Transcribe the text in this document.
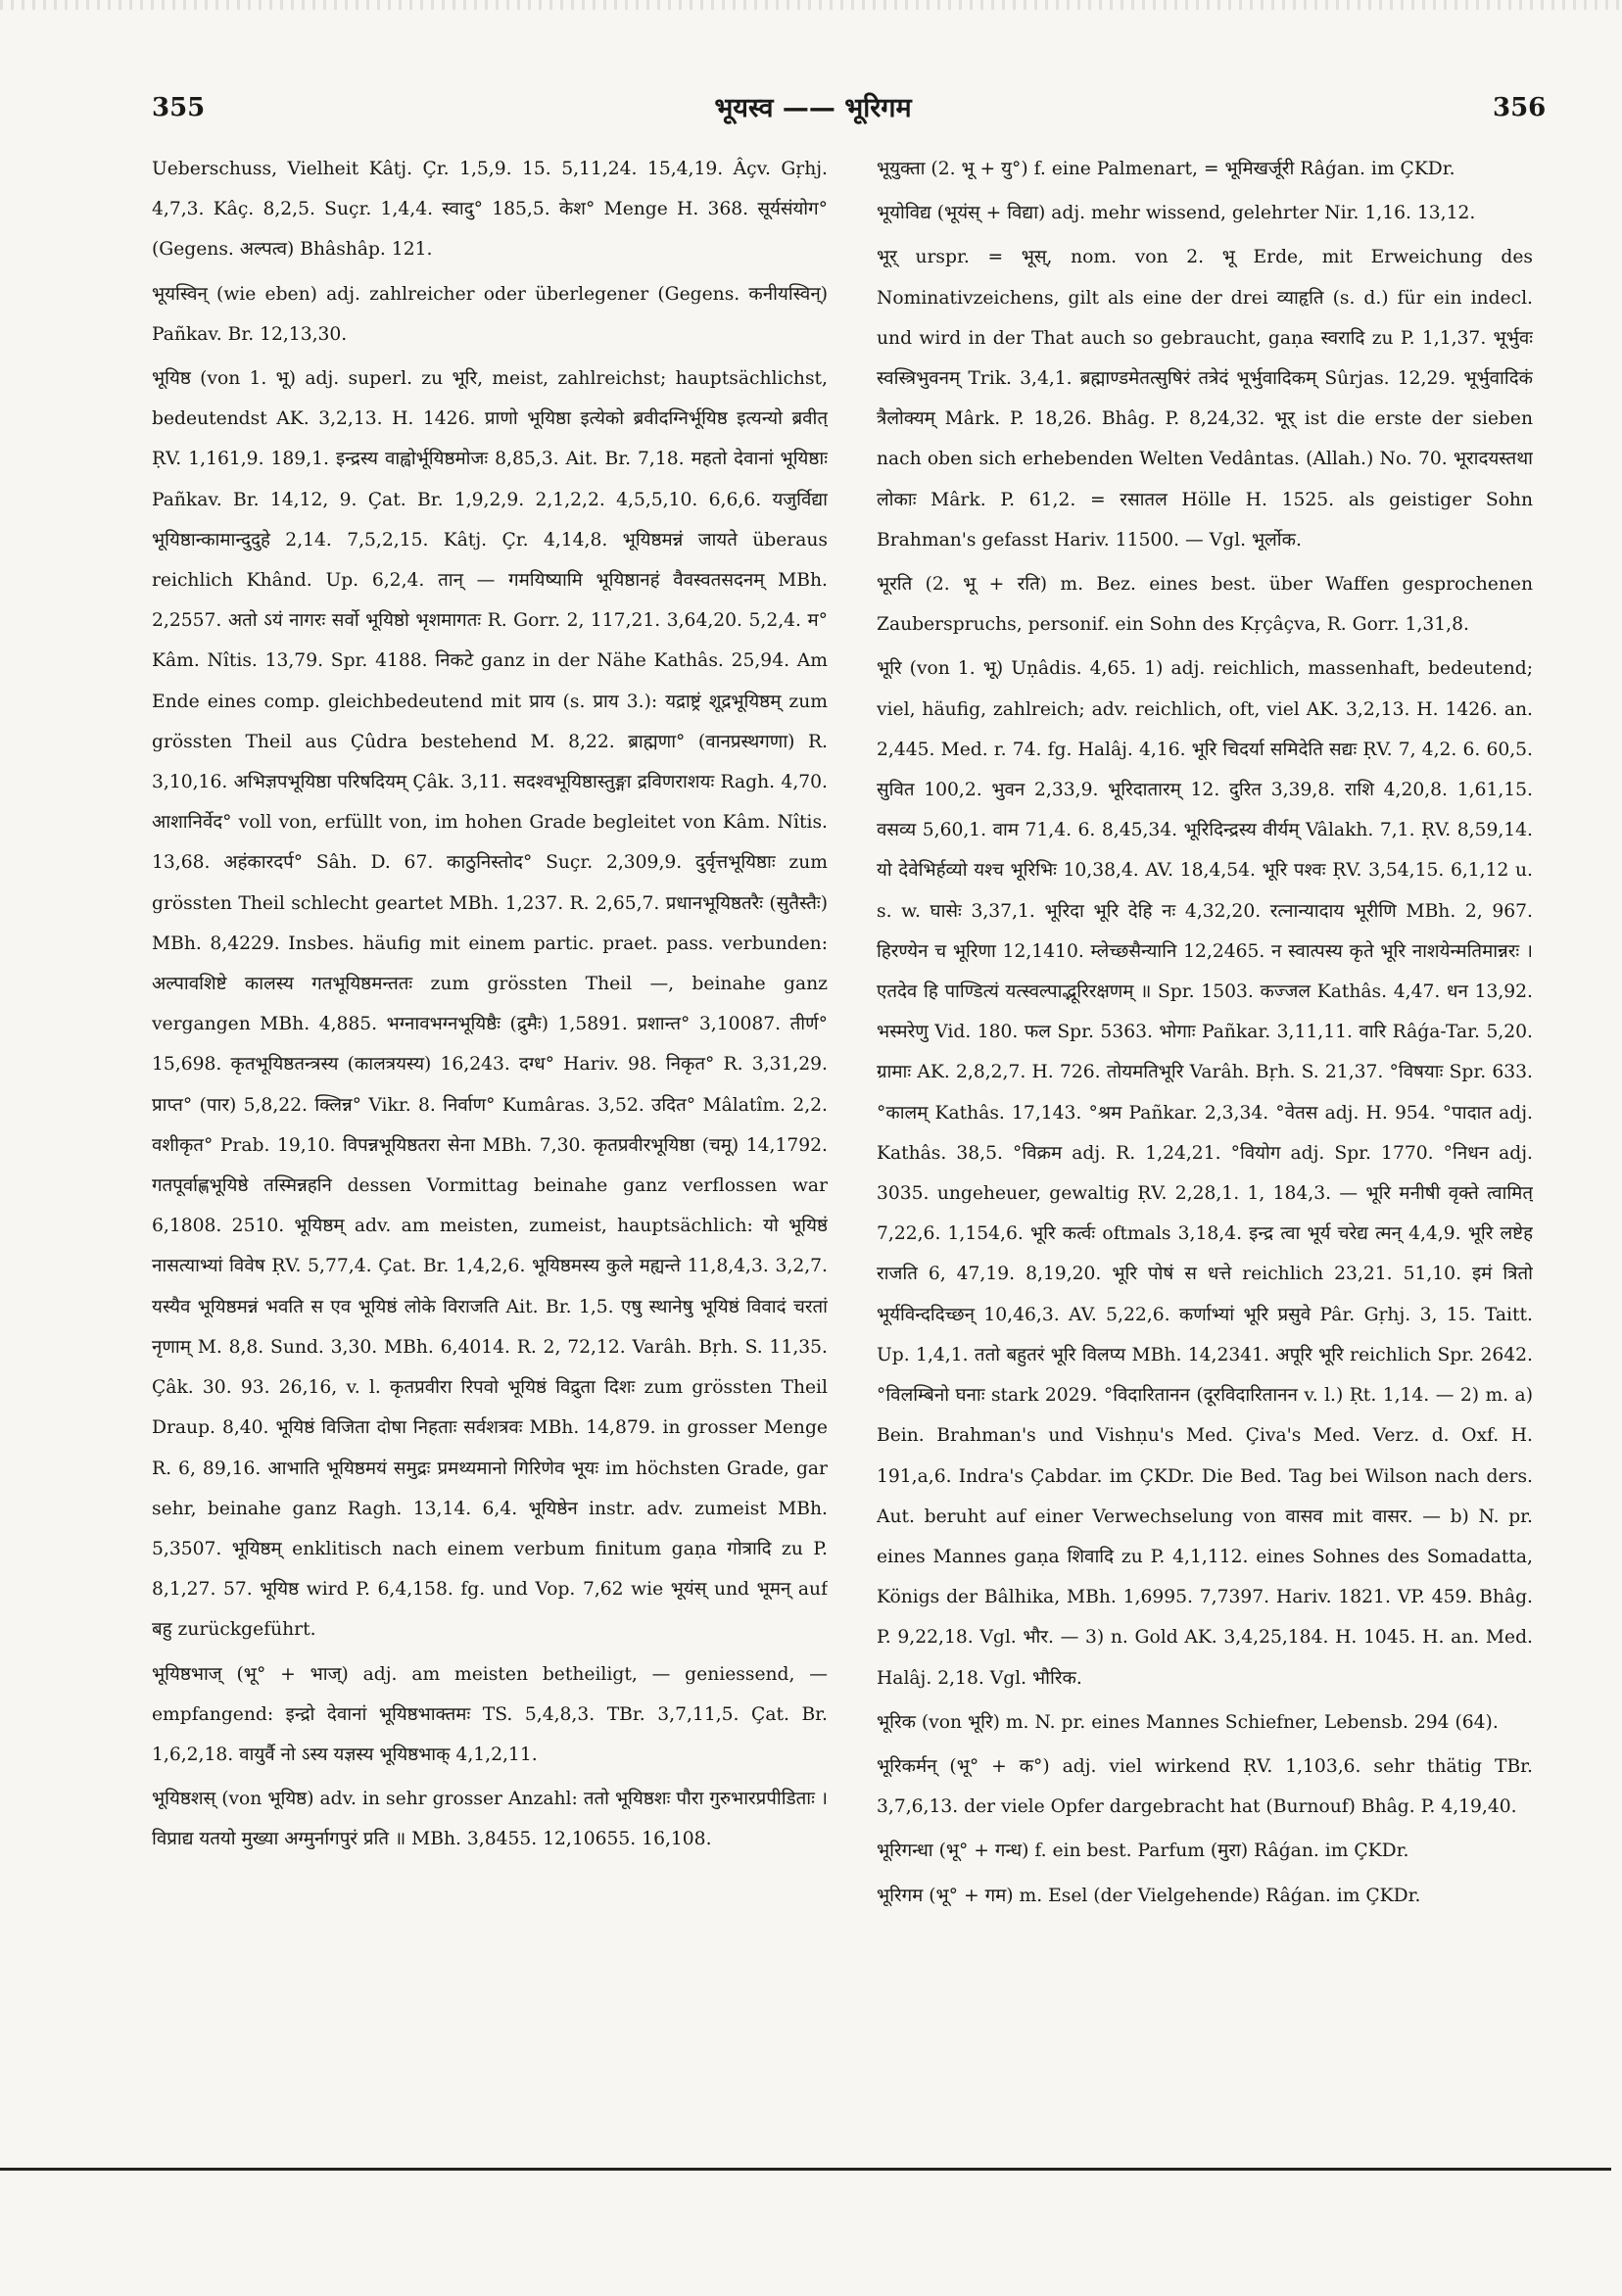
355	भूयस्व —— भूरिगम	356

Ueberschuss, Vielheit Kâtj. Çr. 1,5,9. 15. 5,11,24. 15,4,19. Âçv. Gṛhj. 4,7,3. Kâç. 8,2,5. Suçr. 1,4,4. स्वादु° 185,5. केश° Menge H. 368. सूर्यसंयोग° (Gegens. अल्पत्व) Bhâshâp. 121.

भूयस्विन् (wie eben) adj. zahlreicher oder überlegener (Gegens. कनीयस्विन्) Pañkav. Br. 12,13,30.

भूयिष्ठ (von 1. भू) adj. superl. zu भूरि, meist, zahlreichst; hauptsächlichst, bedeutendst AK. 3,2,13. H. 1426. प्राणो भूयिष्ठा इत्येको ब्रवीदग्निर्भूयिष्ठ इत्यन्यो ब्रवीत् ṚV. 1,161,9. 189,1. इन्द्रस्य वाह्वोर्भूयिष्ठमोजः 8,85,3. Ait. Br. 7,18. महतो देवानां भूयिष्ठाः Pañkav. Br. 14,12, 9. Çat. Br. 1,9,2,9. 2,1,2,2. 4,5,5,10. 6,6,6. यजुर्विद्या भूयिष्ठान्कामान्दुदुहे 2,14. 7,5,2,15. Kâtj. Çr. 4,14,8. भूयिष्ठमन्नं जायते überaus reichlich Khând. Up. 6,2,4. तान् — गमयिष्यामि भूयिष्ठानहं वैवस्वतसदनम् MBh. 2,2557. अतो ऽयं नागरः सर्वो भूयिष्ठो भृशमागतः R. Gorr. 2, 117,21. 3,64,20. 5,2,4. म° Kâm. Nîtis. 13,79. Spr. 4188. निकटे ganz in der Nähe Kathâs. 25,94. Am Ende eines comp. gleichbedeutend mit प्राय (s. प्राय 3.): यद्राष्ट्रं शूद्रभूयिष्ठम् zum grössten Theil aus Çûdra bestehend M. 8,22. ब्राह्मणा° (वानप्रस्थगणा) R. 3,10,16. अभिज्ञपभूयिष्ठा परिषदियम् Çâk. 3,11. सदश्वभूयिष्ठास्तुङ्गा द्रविणराशयः Ragh. 4,70. आशानिर्वेद° voll von, erfüllt von, im hohen Grade begleitet von Kâm. Nîtis. 13,68. अहंकारदर्प° Sâh. D. 67. काठुनिस्तोद° Suçr. 2,309,9. दुर्वृत्तभूयिष्ठाः zum grössten Theil schlecht geartet MBh. 1,237. R. 2,65,7. प्रधानभूयिष्ठतरैः (सुतैस्तैः) MBh. 8,4229. Insbes. häufig mit einem partic. praet. pass. verbunden: अल्पावशिष्टे कालस्य गतभूयिष्ठमन्ततः zum grössten Theil —, beinahe ganz vergangen MBh. 4,885. भग्नावभग्नभूयिष्ठैः (द्रुमैः) 1,5891. प्रशान्त° 3,10087. तीर्ण° 15,698. कृतभूयिष्ठतन्त्रस्य (कालत्रयस्य) 16,243. दग्ध° Hariv. 98. निकृत° R. 3,31,29. प्राप्त° (पार) 5,8,22. क्लिन्न° Vikr. 8. निर्वाण° Kumâras. 3,52. उदित° Mâlatîm. 2,2. वशीकृत° Prab. 19,10. विपन्नभूयिष्ठतरा सेना MBh. 7,30. कृतप्रवीरभूयिष्ठा (चमू) 14,1792. गतपूर्वाह्णभूयिष्ठे तस्मिन्नहनि dessen Vormittag beinahe ganz verflossen war 6,1808. 2510. भूयिष्ठम् adv. am meisten, zumeist, hauptsächlich: यो भूयिष्ठं नासत्याभ्यां विवेष ṚV. 5,77,4. Çat. Br. 1,4,2,6. भूयिष्ठमस्य कुले मह्यन्ते 11,8,4,3. 3,2,7. यस्यैव भूयिष्ठमन्नं भवति स एव भूयिष्ठं लोके विराजति Ait. Br. 1,5. एषु स्थानेषु भूयिष्ठं विवादं चरतां नृणाम् M. 8,8. Sund. 3,30. MBh. 6,4014. R. 2, 72,12. Varâh. Bṛh. S. 11,35. Çâk. 30. 93. 26,16, v. l. कृतप्रवीरा रिपवो भूयिष्ठं विद्रुता दिशः zum grössten Theil Draup. 8,40. भूयिष्ठं विजिता दोषा निहताः सर्वशत्रवः MBh. 14,879. in grosser Menge R. 6, 89,16. आभाति भूयिष्ठमयं समुद्रः प्रमथ्यमानो गिरिणेव भूयः im höchsten Grade, gar sehr, beinahe ganz Ragh. 13,14. 6,4. भूयिष्ठेन instr. adv. zumeist MBh. 5,3507. भूयिष्ठम् enklitisch nach einem verbum finitum gaṇa गोत्रादि zu P. 8,1,27. 57. भूयिष्ठ wird P. 6,4,158. fg. und Vop. 7,62 wie भूयंस् und भूमन् auf बहु zurückgeführt.

भूयिष्ठभाज् (भू° + भाज्) adj. am meisten betheiligt, — geniessend, — empfangend: इन्द्रो देवानां भूयिष्ठभाक्तमः TS. 5,4,8,3. TBr. 3,7,11,5. Çat. Br. 1,6,2,18. वायुर्वै नो ऽस्य यज्ञस्य भूयिष्ठभाक् 4,1,2,11.

भूयिष्ठशस् (von भूयिष्ठ) adv. in sehr grosser Anzahl: ततो भूयिष्ठशः पौरा गुरुभारप्रपीडिताः । विप्राद्य यतयो मुख्या अग्मुर्नागपुरं प्रति ॥ MBh. 3,8455. 12,10655. 16,108.

भूयुक्ता (2. भू + यु°) f. eine Palmenart, = भूमिखर्जूरी Râǵan. im ÇKDr.

भूयोविद्य (भूयंस् + विद्या) adj. mehr wissend, gelehrter Nir. 1,16. 13,12.

भूर् urspr. = भूस्, nom. von 2. भू Erde, mit Erweichung des Nominativzeichens, gilt als eine der drei व्याहृति (s. d.) für ein indecl. und wird in der That auch so gebraucht, gaṇa स्वरादि zu P. 1,1,37. भूर्भुवः स्वस्त्रिभुवनम् Trik. 3,4,1. ब्रह्माण्डमेतत्सुषिरं तत्रेदं भूर्भुवादिकम् Sûrjas. 12,29. भूर्भुवादिकं त्रैलोक्यम् Mârk. P. 18,26. Bhâg. P. 8,24,32. भूर् ist die erste der sieben nach oben sich erhebenden Welten Vedântas. (Allah.) No. 70. भूरादयस्तथा लोकाः Mârk. P. 61,2. = रसातल Hölle H. 1525. als geistiger Sohn Brahman's gefasst Hariv. 11500. — Vgl. भूर्लोक.

भूरति (2. भू + रति) m. Bez. eines best. über Waffen gesprochenen Zauberspruchs, personif. ein Sohn des Kṛçâçva, R. Gorr. 1,31,8.

भूरि (von 1. भू) Uṇâdis. 4,65. 1) adj. reichlich, massenhaft, bedeutend; viel, häufig, zahlreich; adv. reichlich, oft, viel AK. 3,2,13. H. 1426. an. 2,445. Med. r. 74. fg. Halâj. 4,16. भूरि चिदर्या समिदेति सद्यः ṚV. 7, 4,2. 6. 60,5. सुवित 100,2. भुवन 2,33,9. भूरिदातारम् 12. दुरित 3,39,8. राशि 4,20,8. 1,61,15. वसव्य 5,60,1. वाम 71,4. 6. 8,45,34. भूरिदिन्द्रस्य वीर्यम् Vâlakh. 7,1. ṚV. 8,59,14. यो देवेभिर्हव्यो यश्च भूरिभिः 10,38,4. AV. 18,4,54. भूरि पश्वः ṚV. 3,54,15. 6,1,12 u. s. w. घासेः 3,37,1. भूरिदा भूरि देहि नः 4,32,20. रत्नान्यादाय भूरीणि MBh. 2, 967. हिरण्येन च भूरिणा 12,1410. म्लेच्छसैन्यानि 12,2465. न स्वात्पस्य कृते भूरि नाशयेन्मतिमान्नरः । एतदेव हि पाण्डित्यं यत्स्वल्पाद्भूरिरक्षणम् ॥ Spr. 1503. कज्जल Kathâs. 4,47. धन 13,92. भस्मरेणु Vid. 180. फल Spr. 5363. भोगाः Pañkar. 3,11,11. वारि Râǵa-Tar. 5,20. ग्रामाः AK. 2,8,2,7. H. 726. तोयमतिभूरि Varâh. Bṛh. S. 21,37. °विषयाः Spr. 633. °कालम् Kathâs. 17,143. °श्रम Pañkar. 2,3,34. °वेतस adj. H. 954. °पादात adj. Kathâs. 38,5. °विक्रम adj. R. 1,24,21. °वियोग adj. Spr. 1770. °निधन adj. 3035. ungeheuer, gewaltig ṚV. 2,28,1. 1, 184,3. — भूरि मनीषी वृक्ते त्वामित् 7,22,6. 1,154,6. भूरि कर्त्वः oftmals 3,18,4. इन्द्र त्वा भूर्य चरेद्य त्मन् 4,4,9. भूरि लष्टेह राजति 6, 47,19. 8,19,20. भूरि पोषं स धत्ते reichlich 23,21. 51,10. इमं त्रितो भूर्यविन्ददिच्छन् 10,46,3. AV. 5,22,6. कर्णाभ्यां भूरि प्रसुवे Pâr. Gṛhj. 3, 15. Taitt. Up. 1,4,1. ततो बहुतरं भूरि विलप्य MBh. 14,2341. अपूरि भूरि reichlich Spr. 2642. °विलम्बिनो घनाः stark 2029. °विदारितानन (दूरविदारितानन v. l.) Ṛt. 1,14. — 2) m. a) Bein. Brahman's und Vishṇu's Med. Çiva's Med. Verz. d. Oxf. H. 191,a,6. Indra's Çabdar. im ÇKDr. Die Bed. Tag bei Wilson nach ders. Aut. beruht auf einer Verwechselung von वासव mit वासर. — b) N. pr. eines Mannes gaṇa शिवादि zu P. 4,1,112. eines Sohnes des Somadatta, Königs der Bâlhika, MBh. 1,6995. 7,7397. Hariv. 1821. VP. 459. Bhâg. P. 9,22,18. Vgl. भौर. — 3) n. Gold AK. 3,4,25,184. H. 1045. H. an. Med. Halâj. 2,18. Vgl. भौरिक.

भूरिक (von भूरि) m. N. pr. eines Mannes Schiefner, Lebensb. 294 (64).

भूरिकर्मन् (भू° + क°) adj. viel wirkend ṚV. 1,103,6. sehr thätig TBr. 3,7,6,13. der viele Opfer dargebracht hat (Burnouf) Bhâg. P. 4,19,40.

भूरिगन्धा (भू° + गन्ध) f. ein best. Parfum (मुरा) Râǵan. im ÇKDr.

भूरिगम (भू° + गम) m. Esel (der Vielgehende) Râǵan. im ÇKDr.
